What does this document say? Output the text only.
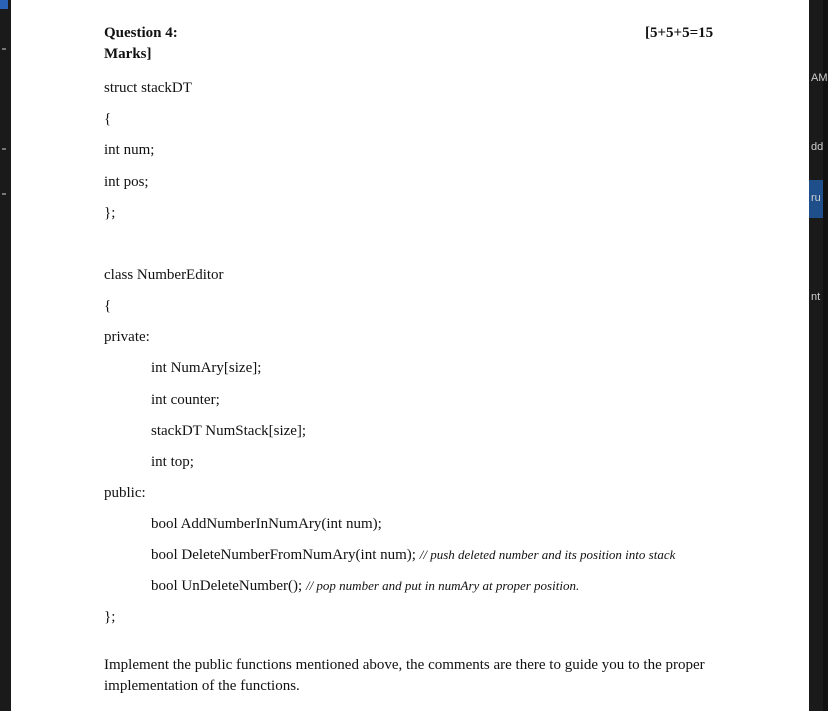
AM
dd
ru
nt
Question 4:	[5+5+5=15
Marks]
struct stackDT
{
int num;
int pos;
};
class NumberEditor
{
private:
int NumAry[size];
int counter;
stackDT NumStack[size];
int top;
public:
bool AddNumberInNumAry(int num);
bool DeleteNumberFromNumAry(int num); // push deleted number and its position into stack
bool UnDeleteNumber(); // pop number and put in numAry at proper position.
};
Implement the public functions mentioned above, the comments are there to guide you to the proper implementation of the functions.
